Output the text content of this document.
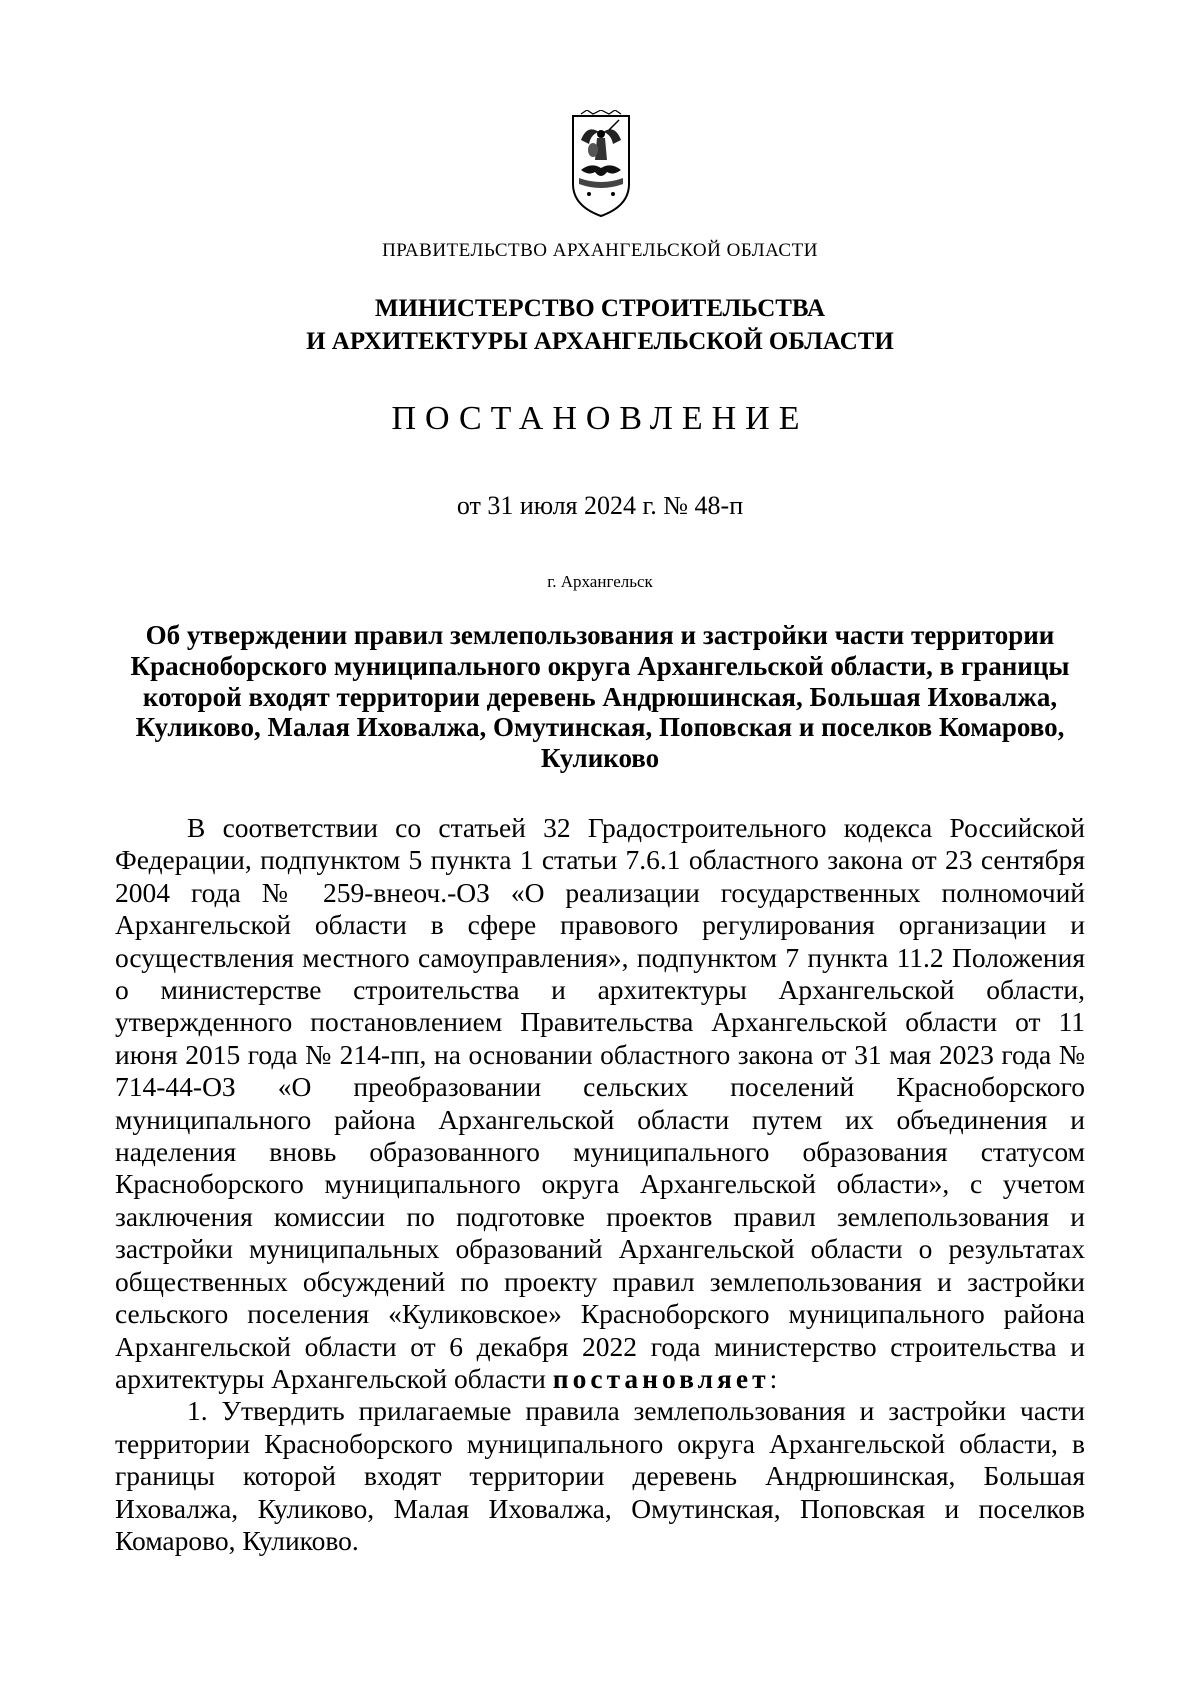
ПРАВИТЕЛЬСТВО АРХАНГЕЛЬСКОЙ ОБЛАСТИ
МИНИСТЕРСТВО СТРОИТЕЛЬСТВА
И АРХИТЕКТУРЫ АРХАНГЕЛЬСКОЙ ОБЛАСТИ
ПОСТАНОВЛЕНИЕ
от 31 июля 2024 г. № 48-п
г. Архангельск
Об утверждении правил землепользования и застройки части территории Красноборского муниципального округа Архангельской области, в границы которой входят территории деревень Андрюшинская, Большая Иховалжа, Куликово, Малая Иховалжа, Омутинская, Поповская и поселков Комарово, Куликово

В соответствии со статьей 32 Градостроительного кодекса Российской Федерации, подпунктом 5 пункта 1 статьи 7.6.1 областного закона от 23 сентября 2004 года № 259-внеоч.-ОЗ «О реализации государственных полномочий Архангельской области в сфере правового регулирования организации и осуществления местного самоуправления», подпунктом 7 пункта 11.2 Положения о министерстве строительства и архитектуры Архангельской области, утвержденного постановлением Правительства Архангельской области от 11 июня 2015 года № 214-пп, на основании областного закона от 31 мая 2023 года № 714-44-ОЗ «О преобразовании сельских поселений Красноборского муниципального района Архангельской области путем их объединения и наделения вновь образованного муниципального образования статусом Красноборского муниципального округа Архангельской области», с учетом заключения комиссии по подготовке проектов правил землепользования и застройки муниципальных образований Архангельской области о результатах общественных обсуждений по проекту правил землепользования и застройки сельского поселения «Куликовское» Красноборского муниципального района Архангельской области от 6 декабря 2022 года министерство строительства и архитектуры Архангельской области постановляет:

1. Утвердить прилагаемые правила землепользования и застройки части территории Красноборского муниципального округа Архангельской области, в границы которой входят территории деревень Андрюшинская, Большая Иховалжа, Куликово, Малая Иховалжа, Омутинская, Поповская и поселков Комарово, Куликово.
